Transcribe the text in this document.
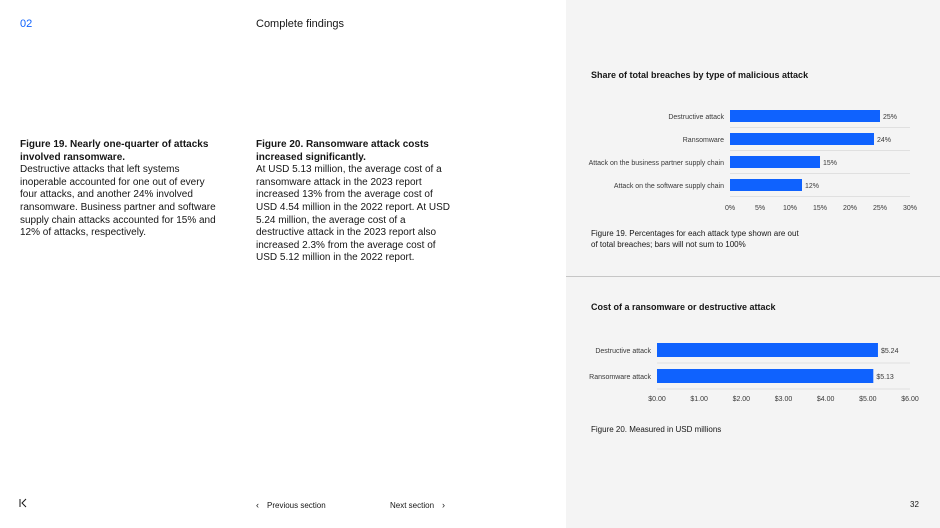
02	Complete findings
Figure 19. Nearly one-quarter of attacks involved ransomware.
Destructive attacks that left systems inoperable accounted for one out of every four attacks, and another 24% involved ransomware. Business partner and software supply chain attacks accounted for 15% and 12% of attacks, respectively.
Figure 20. Ransomware attack costs increased significantly.
At USD 5.13 million, the average cost of a ransomware attack in the 2023 report increased 13% from the average cost of USD 4.54 million in the 2022 report. At USD 5.24 million, the average cost of a destructive attack in the 2023 report also increased 2.3% from the average cost of USD 5.12 million in the 2022 report.
Share of total breaches by type of malicious attack
Destructive attack	25%
Ransomware	24%
Attack on the business partner supply chain	15%
Attack on the software supply chain	12%
0%	5%	10% 15% 20% 25% 30%
Figure 19. Percentages for each attack type shown are out of total breaches; bars will not sum to 100%
Cost of a ransomware or destructive attack
Destructive attack	$5.24
Ransomware attack	$5.13
$0.00	$1.00	$2.00	$3.00	$4.00	$5.00	$6.00
Figure 20. Measured in USD millions
‹ Previous section	Next section ›	32
